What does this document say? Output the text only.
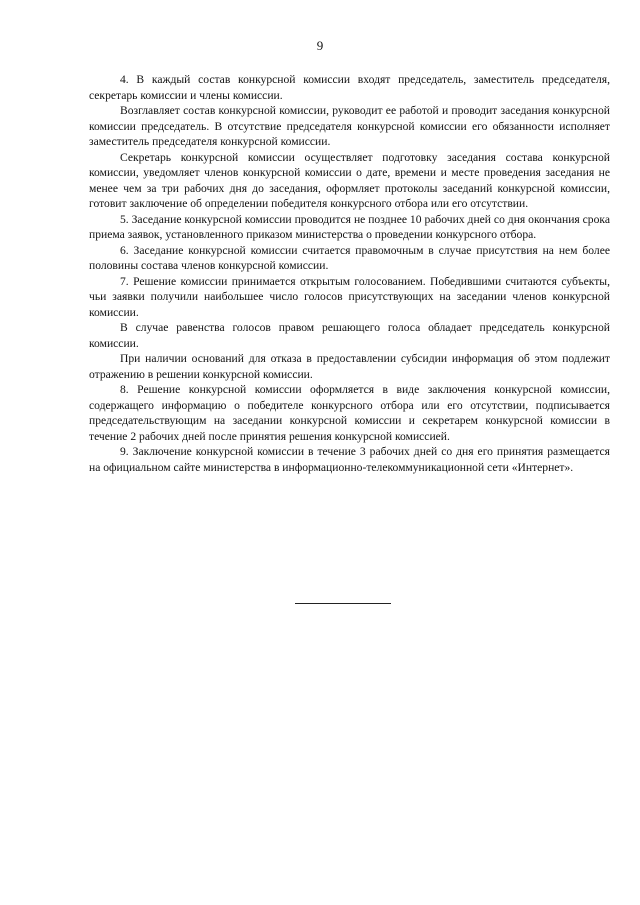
9

4. В каждый состав конкурсной комиссии входят председатель, заместитель председателя, секретарь комиссии и члены комиссии.

Возглавляет состав конкурсной комиссии, руководит ее работой и проводит заседания конкурсной комиссии председатель. В отсутствие председателя конкурсной комиссии его обязанности исполняет заместитель председателя конкурсной комиссии.

Секретарь конкурсной комиссии осуществляет подготовку заседания состава конкурсной комиссии, уведомляет членов конкурсной комиссии о дате, времени и месте проведения заседания не менее чем за три рабочих дня до заседания, оформляет протоколы заседаний конкурсной комиссии, готовит заключение об определении победителя конкурсного отбора или его отсутствии.

5. Заседание конкурсной комиссии проводится не позднее 10 рабочих дней со дня окончания срока приема заявок, установленного приказом министерства о проведении конкурсного отбора.

6. Заседание конкурсной комиссии считается правомочным в случае присутствия на нем более половины состава членов конкурсной комиссии.

7. Решение комиссии принимается открытым голосованием. Победившими считаются субъекты, чьи заявки получили наибольшее число голосов присутствующих на заседании членов конкурсной комиссии.

В случае равенства голосов правом решающего голоса обладает председатель конкурсной комиссии.

При наличии оснований для отказа в предоставлении субсидии информация об этом подлежит отражению в решении конкурсной комиссии.

8. Решение конкурсной комиссии оформляется в виде заключения конкурсной комиссии, содержащего информацию о победителе конкурсного отбора или его отсутствии, подписывается председательствующим на заседании конкурсной комиссии и секретарем конкурсной комиссии в течение 2 рабочих дней после принятия решения конкурсной комиссией.

9. Заключение конкурсной комиссии в течение 3 рабочих дней со дня его принятия размещается на официальном сайте министерства в информационно-телекоммуникационной сети «Интернет».
